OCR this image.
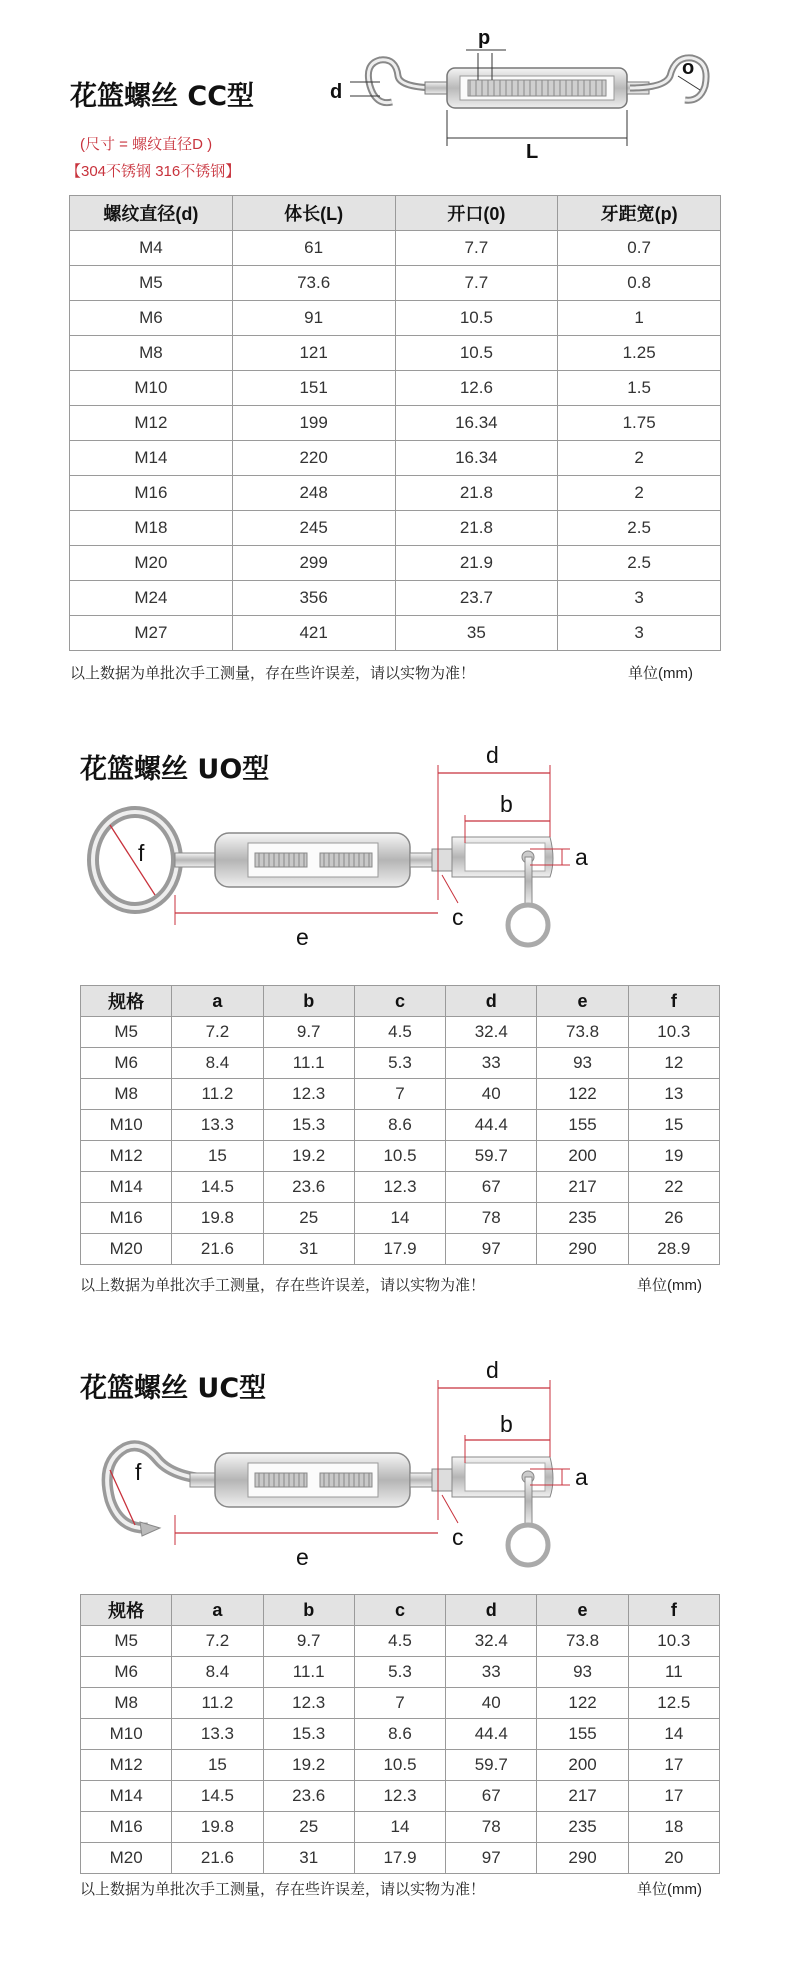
花篮螺丝 CC型
(尺寸 = 螺纹直径D )
【304不锈钢 316不锈钢】
d
p
o
L
螺纹直径(d)	体长(L)	开口(0)	牙距宽(p)
M4	61	7.7	0.7
M5	73.6	7.7	0.8
M6	91	10.5	1
M8	121	10.5	1.25
M10	151	12.6	1.5
M12	199	16.34	1.75
M14	220	16.34	2
M16	248	21.8	2
M18	245	21.8	2.5
M20	299	21.9	2.5
M24	356	23.7	3
M27	421	35	3
以上数据为单批次手工测量，存在些许误差，请以实物为准！	单位(mm)
花篮螺丝 UO型	d
b
a
c
e
f
规格	a	b	c	d	e	f
M5	7.2	9.7	4.5	32.4	73.8	10.3
M6	8.4	11.1	5.3	33	93	12
M8	11.2	12.3	7	40	122	13
M10	13.3	15.3	8.6	44.4	155	15
M12	15	19.2	10.5	59.7	200	19
M14	14.5	23.6	12.3	67	217	22
M16	19.8	25	14	78	235	26
M20	21.6	31	17.9	97	290	28.9
以上数据为单批次手工测量，存在些许误差，请以实物为准！	单位(mm)
花篮螺丝 UC型
d
b
a
c
e
f
规格	a	b	c	d	e	f
M5	7.2	9.7	4.5	32.4	73.8	10.3
M6	8.4	11.1	5.3	33	93	11
M8	11.2	12.3	7	40	122	12.5
M10	13.3	15.3	8.6	44.4	155	14
M12	15	19.2	10.5	59.7	200	17
M14	14.5	23.6	12.3	67	217	17
M16	19.8	25	14	78	235	18
M20	21.6	31	17.9	97	290	20
以上数据为单批次手工测量，存在些许误差，请以实物为准！	单位(mm)
